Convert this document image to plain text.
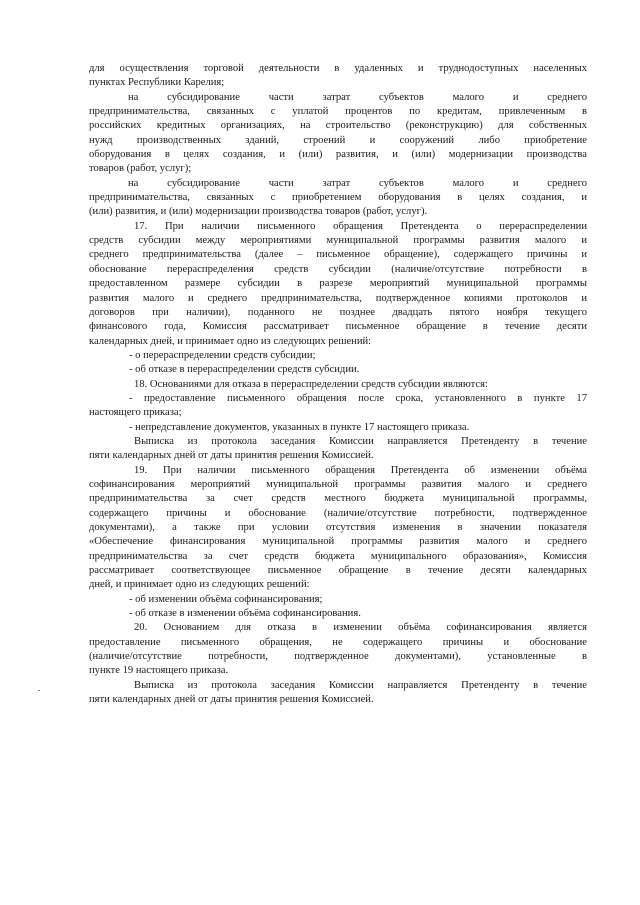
для осуществления торговой деятельности в удаленных и труднодоступных населенных
пунктах Республики Карелия;
на субсидирование части затрат субъектов малого и среднего
предпринимательства, связанных с уплатой процентов по кредитам, привлеченным в
российских кредитных организациях, на строительство (реконструкцию) для собственных
нужд производственных зданий, строений и сооружений либо приобретение
оборудования в целях создания, и (или) развития, и (или) модернизации производства
товаров (работ, услуг);
на субсидирование части затрат субъектов малого и среднего
предпринимательства, связанных с приобретением оборудования в целях создания, и
(или) развития, и (или) модернизации производства товаров (работ, услуг).
17. При наличии письменного обращения Претендента о перераспределении
средств субсидии между мероприятиями муниципальной программы развития малого и
среднего предпринимательства (далее – письменное обращение), содержащего причины и
обоснование перераспределения средств субсидии (наличие/отсутствие потребности в
предоставленном размере субсидии в разрезе мероприятий муниципальной программы
развития малого и среднего предпринимательства, подтвержденное копиями протоколов и
договоров при наличии), поданного не позднее двадцать пятого ноября текущего
финансового года, Комиссия рассматривает письменное обращение в течение десяти
календарных дней, и принимает одно из следующих решений:
- о перераспределении средств субсидии;
- об отказе в перераспределении средств субсидии.
18. Основаниями для отказа в перераспределении средств субсидии являются:
- предоставление письменного обращения после срока, установленного в пункте 17
настоящего приказа;
- непредставление документов, указанных в пункте 17 настоящего приказа.
Выписка из протокола заседания Комиссии направляется Претенденту в течение
пяти календарных дней от даты принятия решения Комиссией.
19. При наличии письменного обращения Претендента об изменении объёма
софинансирования мероприятий муниципальной программы развития малого и среднего
предпринимательства за счет средств местного бюджета муниципальной программы,
содержащего причины и обоснование (наличие/отсутствие потребности, подтвержденное
документами), а также при условии отсутствия изменения в значении показателя
«Обеспечение финансирования муниципальной программы развития малого и среднего
предпринимательства за счет средств бюджета муниципального образования», Комиссия
рассматривает соответствующее письменное обращение в течение десяти календарных
дней, и принимает одно из следующих решений:
- об изменении объёма софинансирования;
- об отказе в изменении объёма софинансирования.
20. Основанием для отказа в изменении объёма софинансирования является
предоставление письменного обращения, не содержащего причины и обоснование
(наличие/отсутствие потребности, подтвержденное документами), установленные в
пункте 19 настоящего приказа.
Выписка из протокола заседания Комиссии направляется Претенденту в течение
пяти календарных дней от даты принятия решения Комиссией.
